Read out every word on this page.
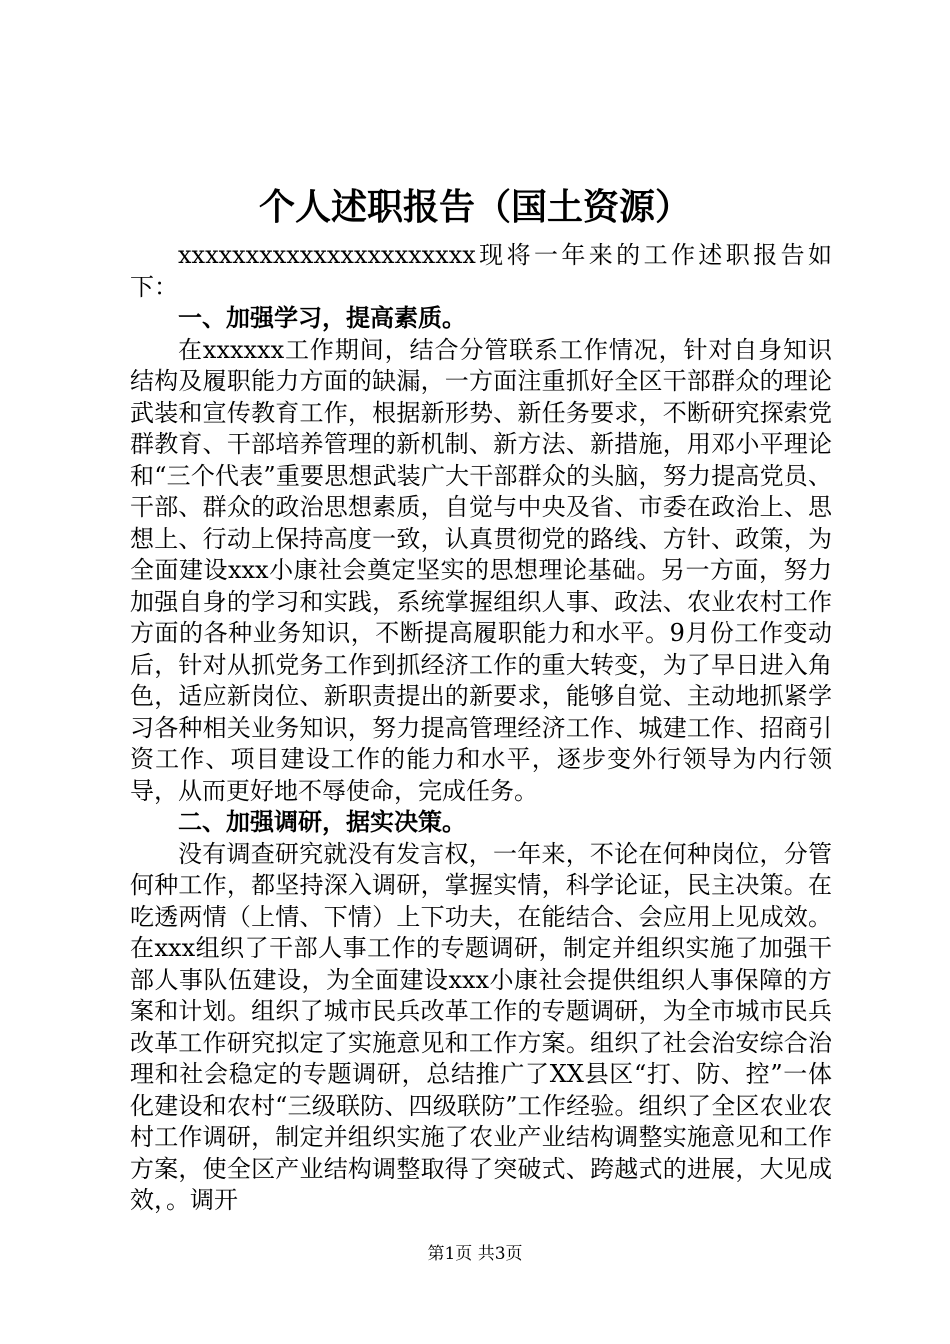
个人述职报告（国土资源）

xxxxxxxxxxxxxxxxxxxxxx现将一年来的工作述职报告如下：

一、加强学习，提高素质。

在xxxxxx工作期间，结合分管联系工作情况，针对自身知识结构及履职能力方面的缺漏，一方面注重抓好全区干部群众的理论武装和宣传教育工作，根据新形势、新任务要求，不断研究探索党群教育、干部培养管理的新机制、新方法、新措施，用邓小平理论和“三个代表”重要思想武装广大干部群众的头脑，努力提高党员、干部、群众的政治思想素质，自觉与中央及省、市委在政治上、思想上、行动上保持高度一致，认真贯彻党的路线、方针、政策，为全面建设xxx小康社会奠定坚实的思想理论基础。另一方面，努力加强自身的学习和实践，系统掌握组织人事、政法、农业农村工作方面的各种业务知识，不断提高履职能力和水平。9月份工作变动后，针对从抓党务工作到抓经济工作的重大转变，为了早日进入角色，适应新岗位、新职责提出的新要求，能够自觉、主动地抓紧学习各种相关业务知识，努力提高管理经济工作、城建工作、招商引资工作、项目建设工作的能力和水平，逐步变外行领导为内行领导，从而更好地不辱使命，完成任务。

二、加强调研，据实决策。

没有调查研究就没有发言权，一年来，不论在何种岗位，分管何种工作，都坚持深入调研，掌握实情，科学论证，民主决策。在吃透两情（上情、下情）上下功夫，在能结合、会应用上见成效。在xxx组织了干部人事工作的专题调研，制定并组织实施了加强干部人事队伍建设，为全面建设xxx小康社会提供组织人事保障的方案和计划。组织了城市民兵改革工作的专题调研，为全市城市民兵改革工作研究拟定了实施意见和工作方案。组织了社会治安综合治理和社会稳定的专题调研，总结推广了XX县区“打、防、控”一体化建设和农村“三级联防、四级联防”工作经验。组织了全区农业农村工作调研，制定并组织实施了农业产业结构调整实施意见和工作方案，使全区产业结构调整取得了突破式、跨越式的进展，大见成效，。调开

第1页 共3页
